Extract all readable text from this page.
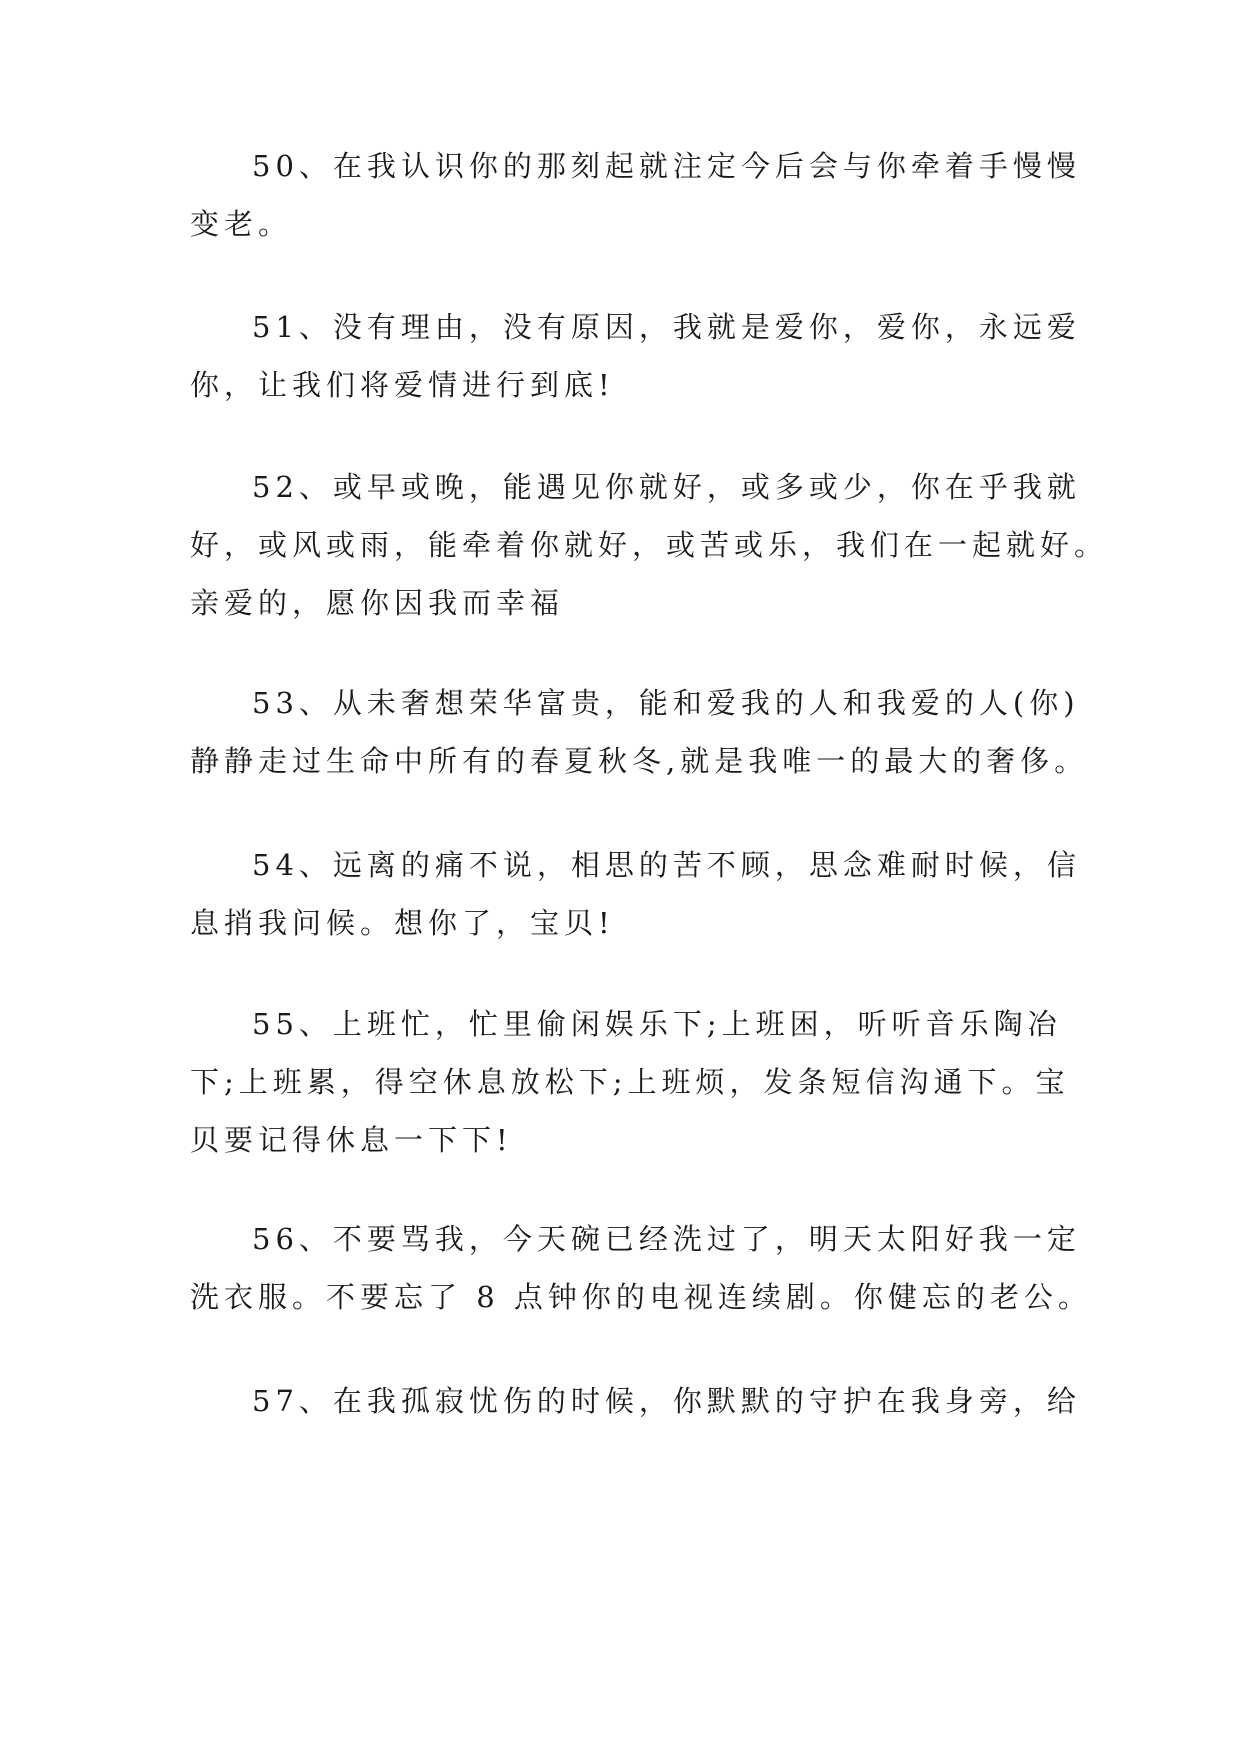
50、在我认识你的那刻起就注定今后会与你牵着手慢慢
变老。
51、没有理由，没有原因，我就是爱你，爱你，永远爱
你，让我们将爱情进行到底!
52、或早或晚，能遇见你就好，或多或少，你在乎我就
好，或风或雨，能牵着你就好，或苦或乐，我们在一起就好。
亲爱的，愿你因我而幸福
53、从未奢想荣华富贵，能和爱我的人和我爱的人(你)
静静走过生命中所有的春夏秋冬,就是我唯一的最大的奢侈。
54、远离的痛不说，相思的苦不顾，思念难耐时候，信
息捎我问候。想你了，宝贝!
55、上班忙，忙里偷闲娱乐下;上班困，听听音乐陶冶
下;上班累，得空休息放松下;上班烦，发条短信沟通下。宝
贝要记得休息一下下!
56、不要骂我，今天碗已经洗过了，明天太阳好我一定
洗衣服。不要忘了 8 点钟你的电视连续剧。你健忘的老公。
57、在我孤寂忧伤的时候，你默默的守护在我身旁，给
